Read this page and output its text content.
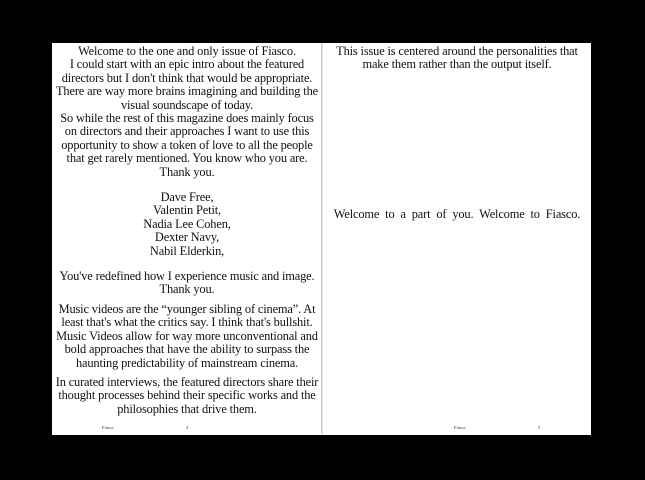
Welcome to the one and only issue of Fiasco.
I could start with an epic intro about the featured
directors but I don't think that would be appropriate.
There are way more brains imagining and building the
visual soundscape of today.
So while the rest of this magazine does mainly focus
on directors and their approaches I want to use this
opportunity to show a token of love to all the people
that get rarely mentioned. You know who you are.
Thank you.
Dave Free,
Valentin Petit,
Nadia Lee Cohen,
Dexter Navy,
Nabil Elderkin,
You've redefined how I experience music and image.
Thank you.
Music videos are the “younger sibling of cinema”. At
least that's what the critics say. I think that's bullshit.
Music Videos allow for way more unconventional and
bold approaches that have the ability to surpass the
haunting predictability of mainstream cinema.
In curated interviews, the featured directors share their
thought processes behind their specific works and the
philosophies that drive them.
Fiasco	4
This issue is centered around the personalities that
make them rather than the output itself.
Welcome to a part of you. Welcome to Fiasco.
Fiasco	5
